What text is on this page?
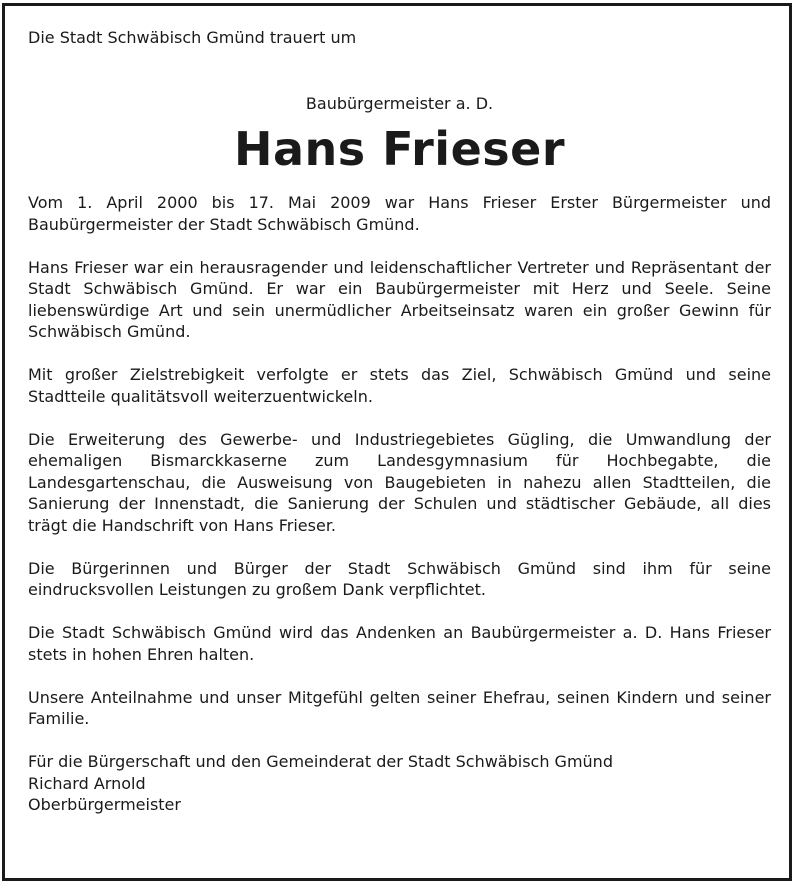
Die Stadt Schwäbisch Gmünd trauert um

Baubürgermeister a. D.

Hans Frieser

Vom 1. April 2000 bis 17. Mai 2009 war Hans Frieser Erster Bürgermeister und Baubürgermeister der Stadt Schwäbisch Gmünd.

Hans Frieser war ein herausragender und leidenschaftlicher Vertreter und Repräsentant der Stadt Schwäbisch Gmünd. Er war ein Baubürgermeister mit Herz und Seele. Seine liebenswürdige Art und sein unermüdlicher Arbeitseinsatz waren ein großer Gewinn für Schwäbisch Gmünd.

Mit großer Zielstrebigkeit verfolgte er stets das Ziel, Schwäbisch Gmünd und seine Stadtteile qualitätsvoll weiterzuentwickeln.

Die Erweiterung des Gewerbe- und Industriegebietes Gügling, die Umwandlung der ehemaligen Bismarckkaserne zum Landesgymnasium für Hochbegabte, die Landesgartenschau, die Ausweisung von Baugebieten in nahezu allen Stadtteilen, die Sanierung der Innenstadt, die Sanierung der Schulen und städtischer Gebäude, all dies trägt die Handschrift von Hans Frieser.

Die Bürgerinnen und Bürger der Stadt Schwäbisch Gmünd sind ihm für seine eindrucksvollen Leistungen zu großem Dank verpflichtet.

Die Stadt Schwäbisch Gmünd wird das Andenken an Baubürgermeister a. D. Hans Frieser stets in hohen Ehren halten.

Unsere Anteilnahme und unser Mitgefühl gelten seiner Ehefrau, seinen Kindern und seiner Familie.

Für die Bürgerschaft und den Gemeinderat der Stadt Schwäbisch Gmünd
Richard Arnold
Oberbürgermeister
